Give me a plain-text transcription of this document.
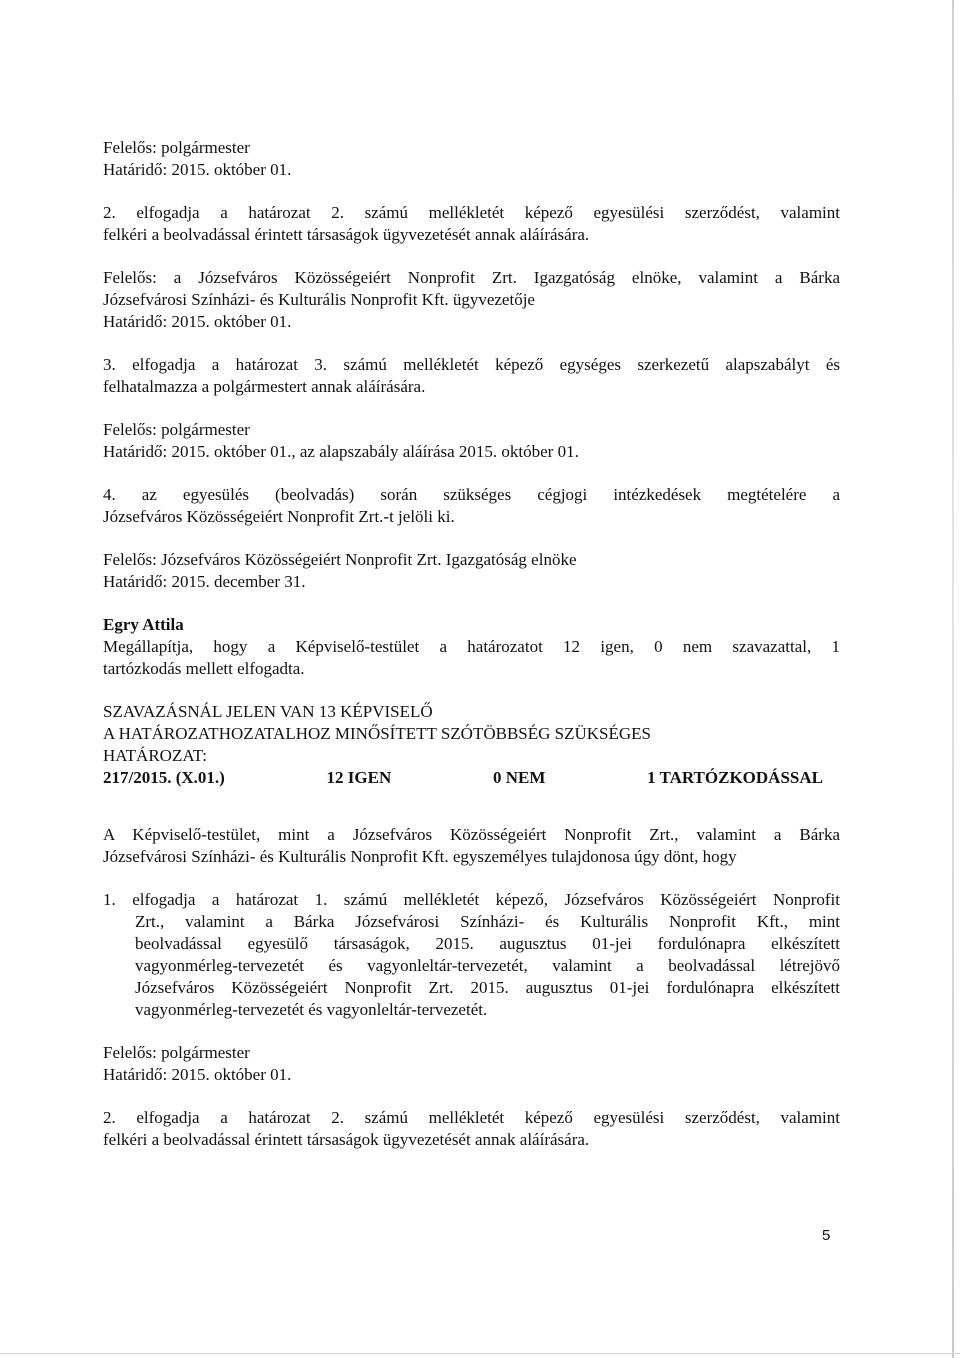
Felelős: polgármester
Határidő: 2015. október 01.
2. elfogadja a határozat 2. számú mellékletét képező egyesülési szerződést, valamint
felkéri a beolvadással érintett társaságok ügyvezetését annak aláírására.
Felelős: a Józsefváros Közösségeiért Nonprofit Zrt. Igazgatóság elnöke, valamint a Bárka
Józsefvárosi Színházi- és Kulturális Nonprofit Kft. ügyvezetője
Határidő: 2015. október 01.
3. elfogadja a határozat 3. számú mellékletét képező egységes szerkezetű alapszabályt és
felhatalmazza a polgármestert annak aláírására.
Felelős: polgármester
Határidő: 2015. október 01., az alapszabály aláírása 2015. október 01.
4. az egyesülés (beolvadás) során szükséges cégjogi intézkedések megtételére a
Józsefváros Közösségeiért Nonprofit Zrt.-t jelöli ki.
Felelős: Józsefváros Közösségeiért Nonprofit Zrt. Igazgatóság elnöke
Határidő: 2015. december 31.
Egry Attila
Megállapítja, hogy a Képviselő-testület a határozatot 12 igen, 0 nem szavazattal, 1
tartózkodás mellett elfogadta.
SZAVAZÁSNÁL JELEN VAN 13 KÉPVISELŐ
A HATÁROZATHOZATALHOZ MINŐSÍTETT SZÓTÖBBSÉG SZÜKSÉGES
HATÁROZAT:
217/2015. (X.01.)	12 IGEN	0 NEM	1 TARTÓZKODÁSSAL
A Képviselő-testület, mint a Józsefváros Közösségeiért Nonprofit Zrt., valamint a Bárka
Józsefvárosi Színházi- és Kulturális Nonprofit Kft. egyszemélyes tulajdonosa úgy dönt, hogy
1. elfogadja a határozat 1. számú mellékletét képező, Józsefváros Közösségeiért Nonprofit
Zrt., valamint a Bárka Józsefvárosi Színházi- és Kulturális Nonprofit Kft., mint
beolvadással egyesülő társaságok, 2015. augusztus 01-jei fordulónapra elkészített
vagyonmérleg-tervezetét és vagyonleltár-tervezetét, valamint a beolvadással létrejövő
Józsefváros Közösségeiért Nonprofit Zrt. 2015. augusztus 01-jei fordulónapra elkészített
vagyonmérleg-tervezetét és vagyonleltár-tervezetét.
Felelős: polgármester
Határidő: 2015. október 01.
2. elfogadja a határozat 2. számú mellékletét képező egyesülési szerződést, valamint
felkéri a beolvadással érintett társaságok ügyvezetését annak aláírására.
5
